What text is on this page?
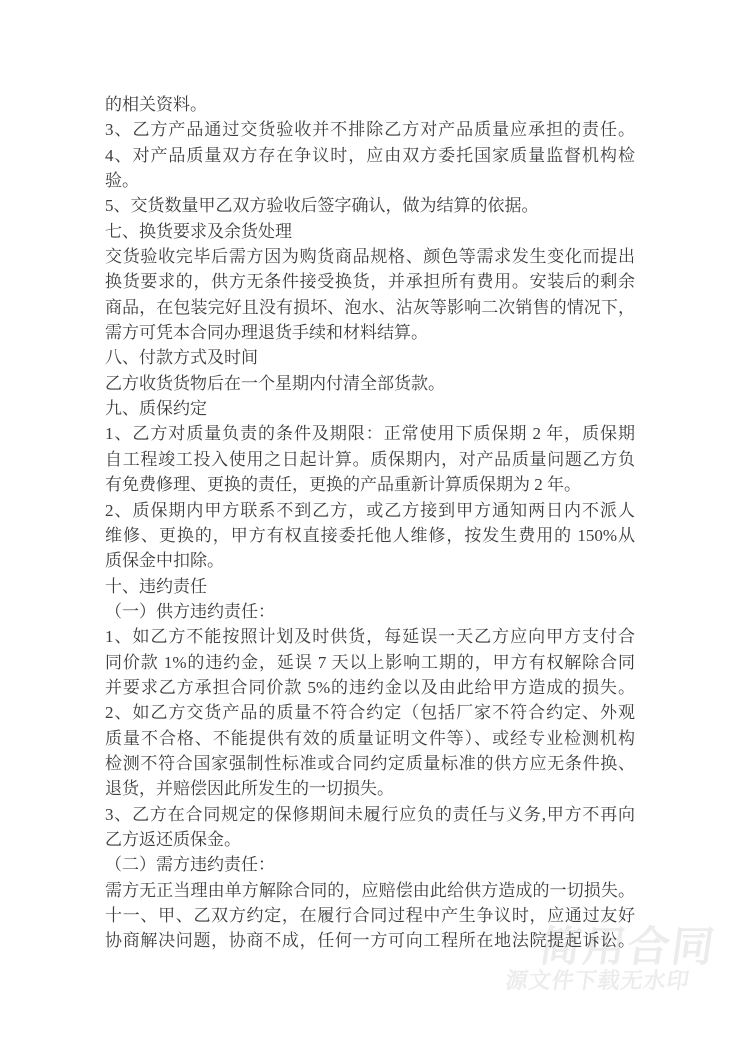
简用合同
源文件下载无水印
的相关资料。
3、乙方产品通过交货验收并不排除乙方对产品质量应承担的责任。
4、对产品质量双方存在争议时，应由双方委托国家质量监督机构检
验。
5、交货数量甲乙双方验收后签字确认，做为结算的依据。
七、换货要求及余货处理
交货验收完毕后需方因为购货商品规格、颜色等需求发生变化而提出
换货要求的，供方无条件接受换货，并承担所有费用。安装后的剩余
商品，在包装完好且没有损坏、泡水、沾灰等影响二次销售的情况下，
需方可凭本合同办理退货手续和材料结算。
八、付款方式及时间
乙方收货货物后在一个星期内付清全部货款。
九、质保约定
1、乙方对质量负责的条件及期限：正常使用下质保期 2 年，质保期
自工程竣工投入使用之日起计算。质保期内，对产品质量问题乙方负
有免费修理、更换的责任，更换的产品重新计算质保期为 2 年。
2、质保期内甲方联系不到乙方，或乙方接到甲方通知两日内不派人
维修、更换的，甲方有权直接委托他人维修，按发生费用的 150%从
质保金中扣除。
十、违约责任
（一）供方违约责任：
1、如乙方不能按照计划及时供货，每延误一天乙方应向甲方支付合
同价款 1%的违约金，延误 7 天以上影响工期的，甲方有权解除合同
并要求乙方承担合同价款 5%的违约金以及由此给甲方造成的损失。
2、如乙方交货产品的质量不符合约定（包括厂家不符合约定、外观
质量不合格、不能提供有效的质量证明文件等）、或经专业检测机构
检测不符合国家强制性标准或合同约定质量标准的供方应无条件换、
退货，并赔偿因此所发生的一切损失。
3、乙方在合同规定的保修期间未履行应负的责任与义务,甲方不再向
乙方返还质保金。
（二）需方违约责任：
需方无正当理由单方解除合同的，应赔偿由此给供方造成的一切损失。
十一、甲、乙双方约定，在履行合同过程中产生争议时，应通过友好
协商解决问题，协商不成，任何一方可向工程所在地法院提起诉讼。
